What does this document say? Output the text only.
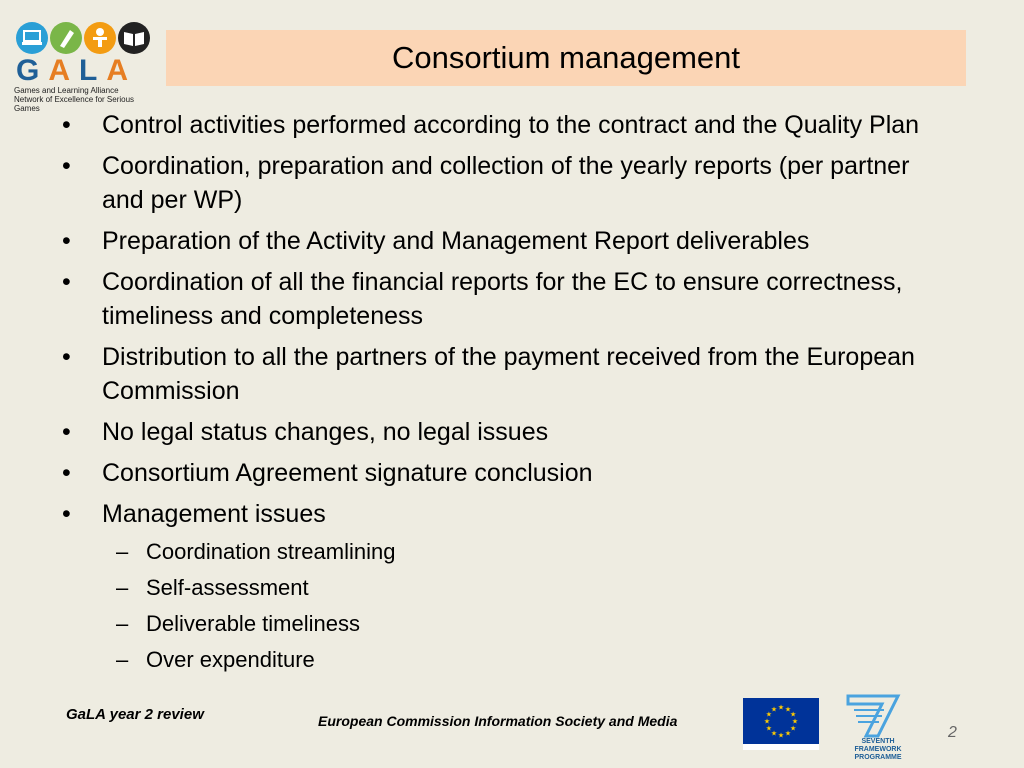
GALA
Games and Learning Alliance
Network of Excellence for Serious Games
Consortium management
• Control activities performed according to the contract and the Quality Plan
• Coordination, preparation and collection of the yearly reports (per partner and per WP)
• Preparation of the Activity and Management Report deliverables
• Coordination of all the financial reports for the EC to ensure correctness, timeliness and completeness
• Distribution to all the partners of the payment received from the European Commission
• No legal status changes, no legal issues
• Consortium Agreement signature conclusion
• Management issues
– Coordination streamlining
– Self-assessment
– Deliverable timeliness
– Over expenditure
GaLA year 2 review	European Commission Information Society and Media
★ ★
★
★
★
★
★
★
★
★
★
★
SEVENTH FRAMEWORK PROGRAMME
2
